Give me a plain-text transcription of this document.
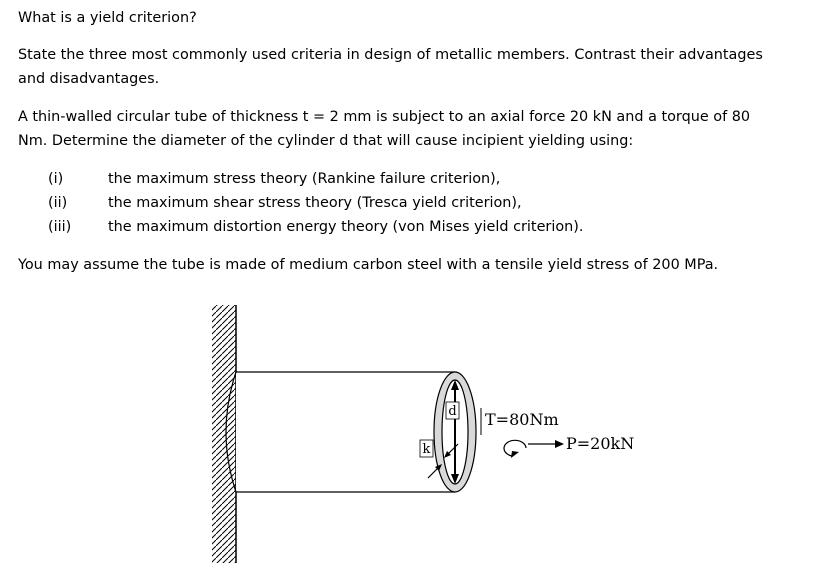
What is a yield criterion?
State the three most commonly used criteria in design of metallic members. Contrast their advantages
and disadvantages.
A thin-walled circular tube of thickness t = 2 mm is subject to an axial force 20 kN and a torque of 80
Nm. Determine the diameter of the cylinder d that will cause incipient yielding using:
(i)	the maximum stress theory (Rankine failure criterion),
(ii)	the maximum shear stress theory (Tresca yield criterion),
(iii)	the maximum distortion energy theory (von Mises yield criterion).
You may assume the tube is made of medium carbon steel with a tensile yield stress of 200 MPa.
d
k
T=80Nm
P=20kN
